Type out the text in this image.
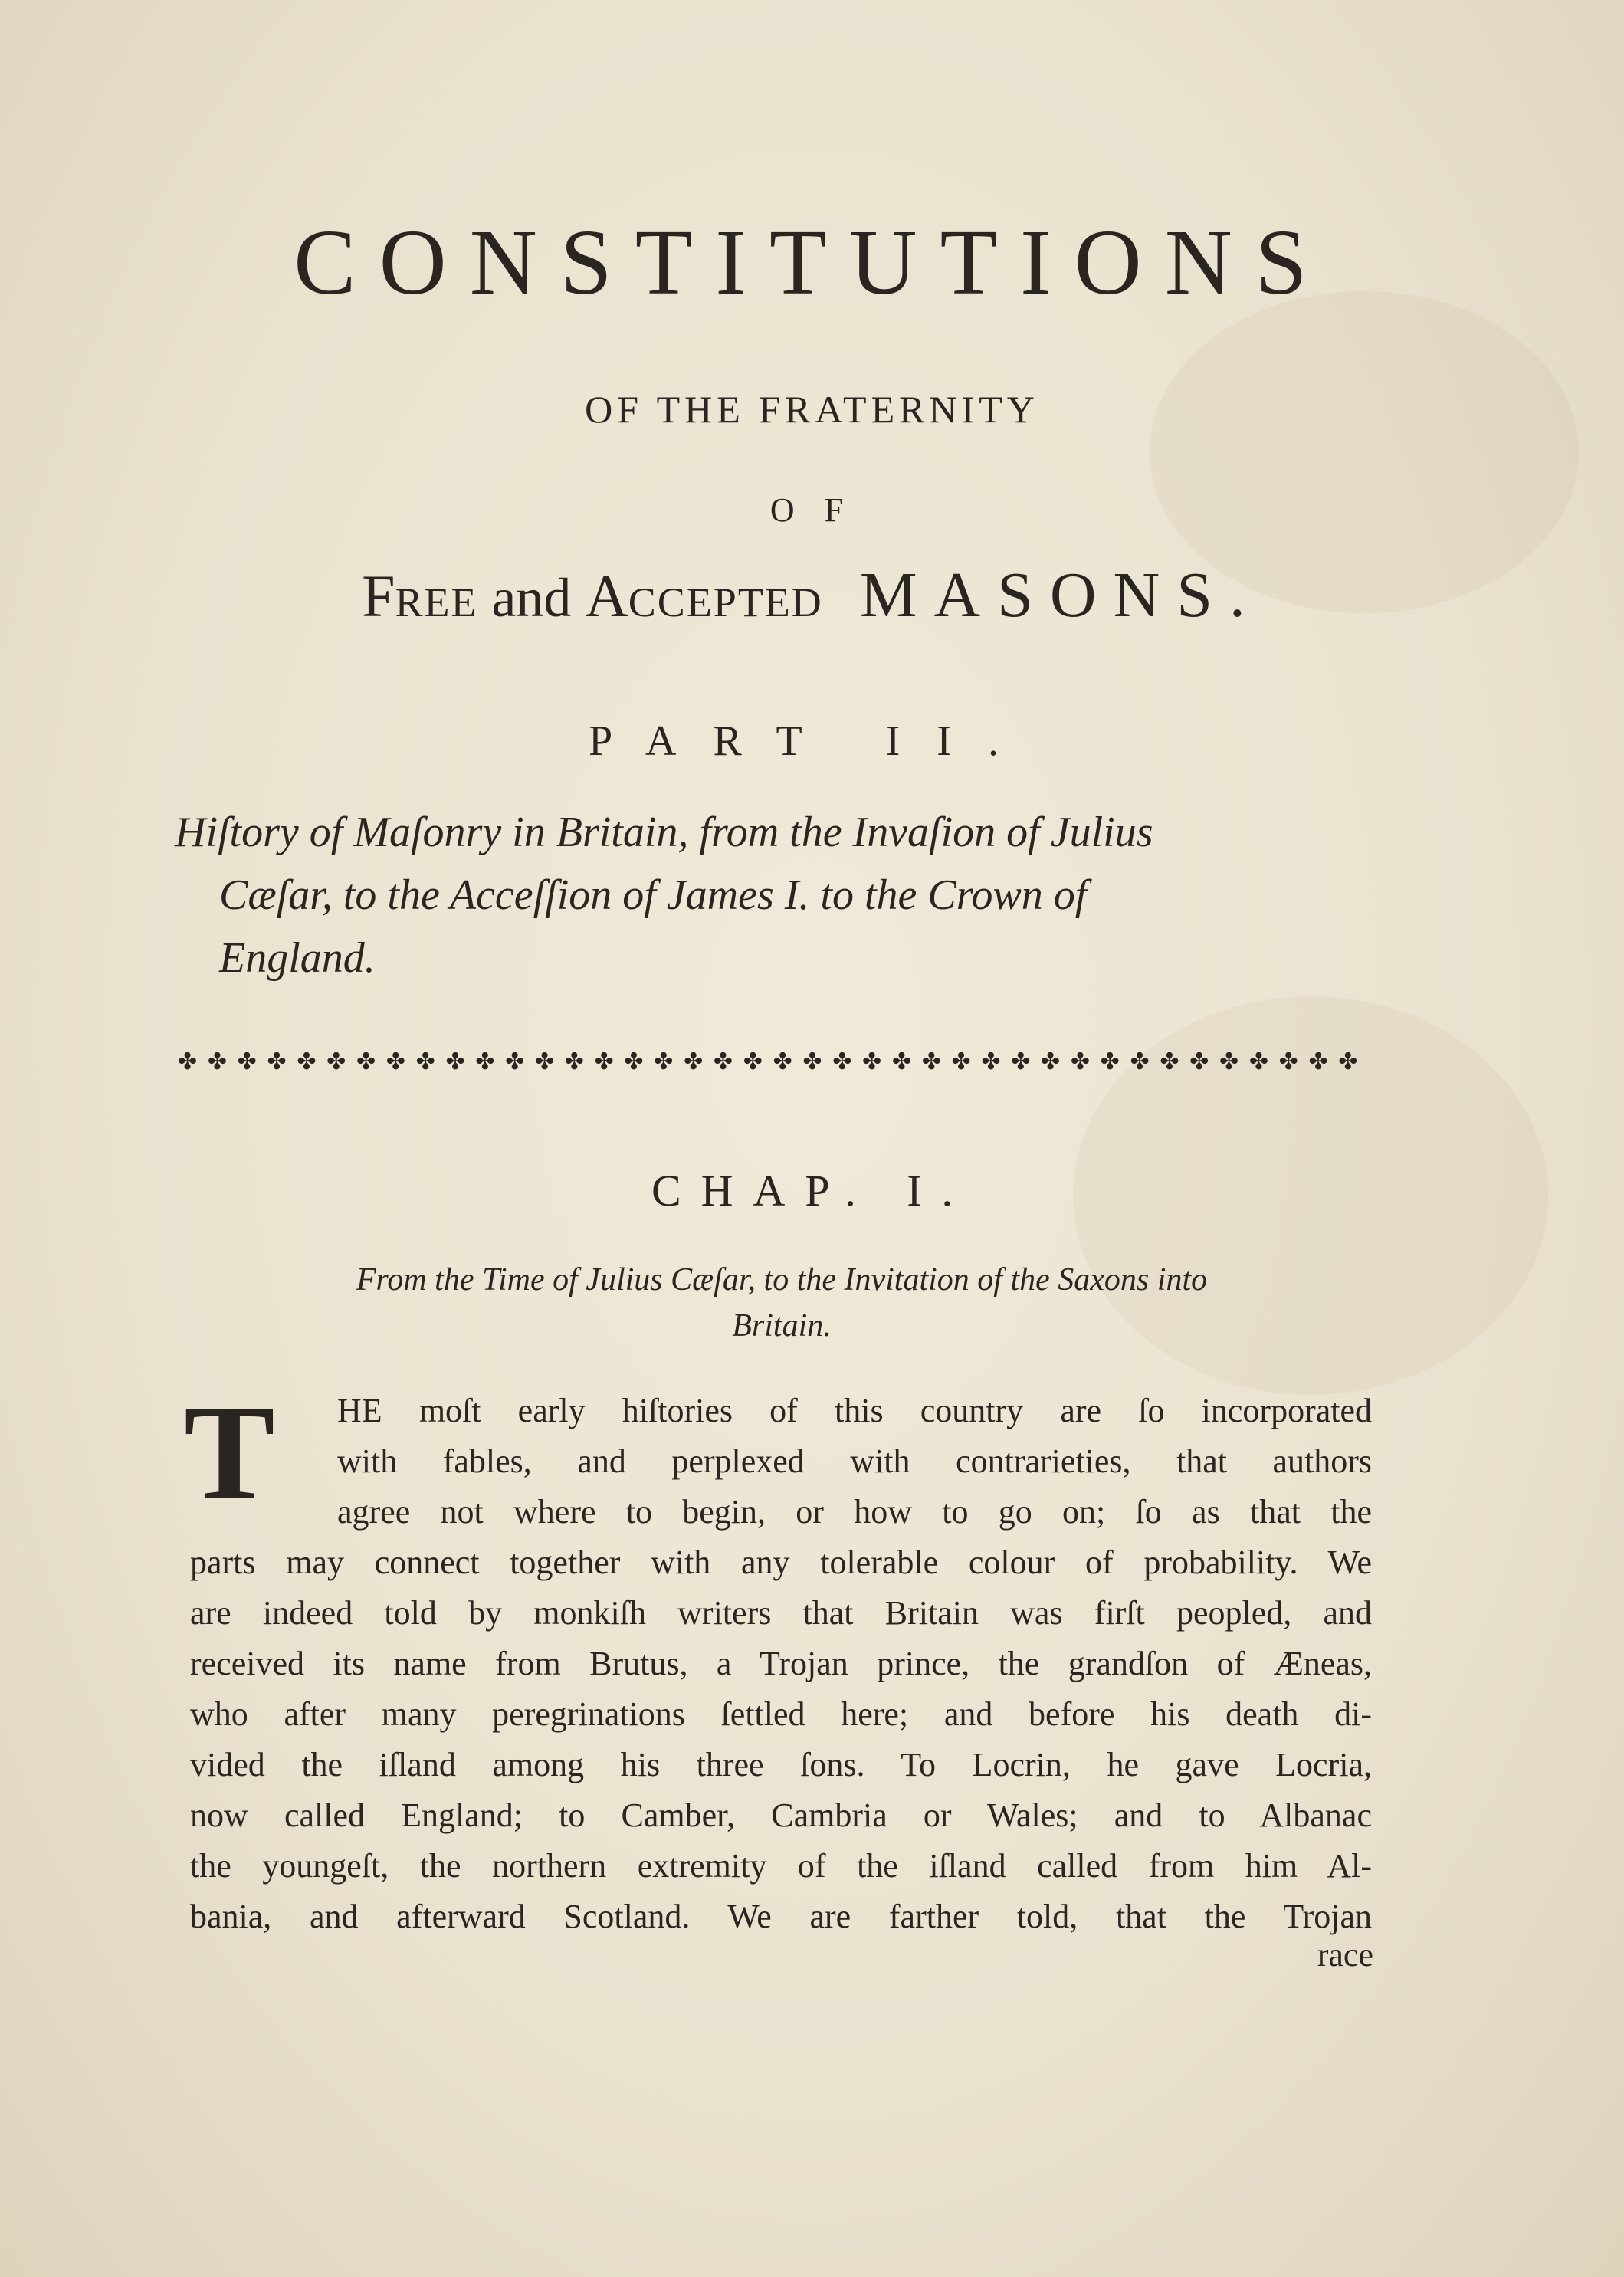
CONSTITUTIONS
OF THE FRATERNITY
O F
FREE and ACCEPTED MASONS.
PART II.
Hiſtory of Maſonry in Britain, from the Invaſion of Julius
Cæſar, to the Acceſſion of James I. to the Crown of
England.
✤ ✤ ✤ ✤ ✤ ✤ ✤ ✤ ✤ ✤ ✤ ✤ ✤ ✤ ✤ ✤ ✤ ✤ ✤ ✤ ✤ ✤ ✤ ✤ ✤ ✤ ✤ ✤ ✤ ✤ ✤ ✤ ✤ ✤ ✤ ✤ ✤ ✤ ✤ ✤
CHAP. I.
From the Time of Julius Cæſar, to the Invitation of the Saxons into
Britain.
T	HE moſt early hiſtories of this country are ſo incorporated
with fables, and perplexed with contrarieties, that authors
agree not where to begin, or how to go on; ſo as that the
parts may connect together with any tolerable colour of probability. We
are indeed told by monkiſh writers that Britain was firſt peopled, and
received its name from Brutus, a Trojan prince, the grandſon of Æneas,
who after many peregrinations ſettled here; and before his death di-
vided the iſland among his three ſons. To Locrin, he gave Locria,
now called England; to Camber, Cambria or Wales; and to Albanac
the youngeſt, the northern extremity of the iſland called from him Al-
bania, and afterward Scotland. We are farther told, that the Trojan
race
